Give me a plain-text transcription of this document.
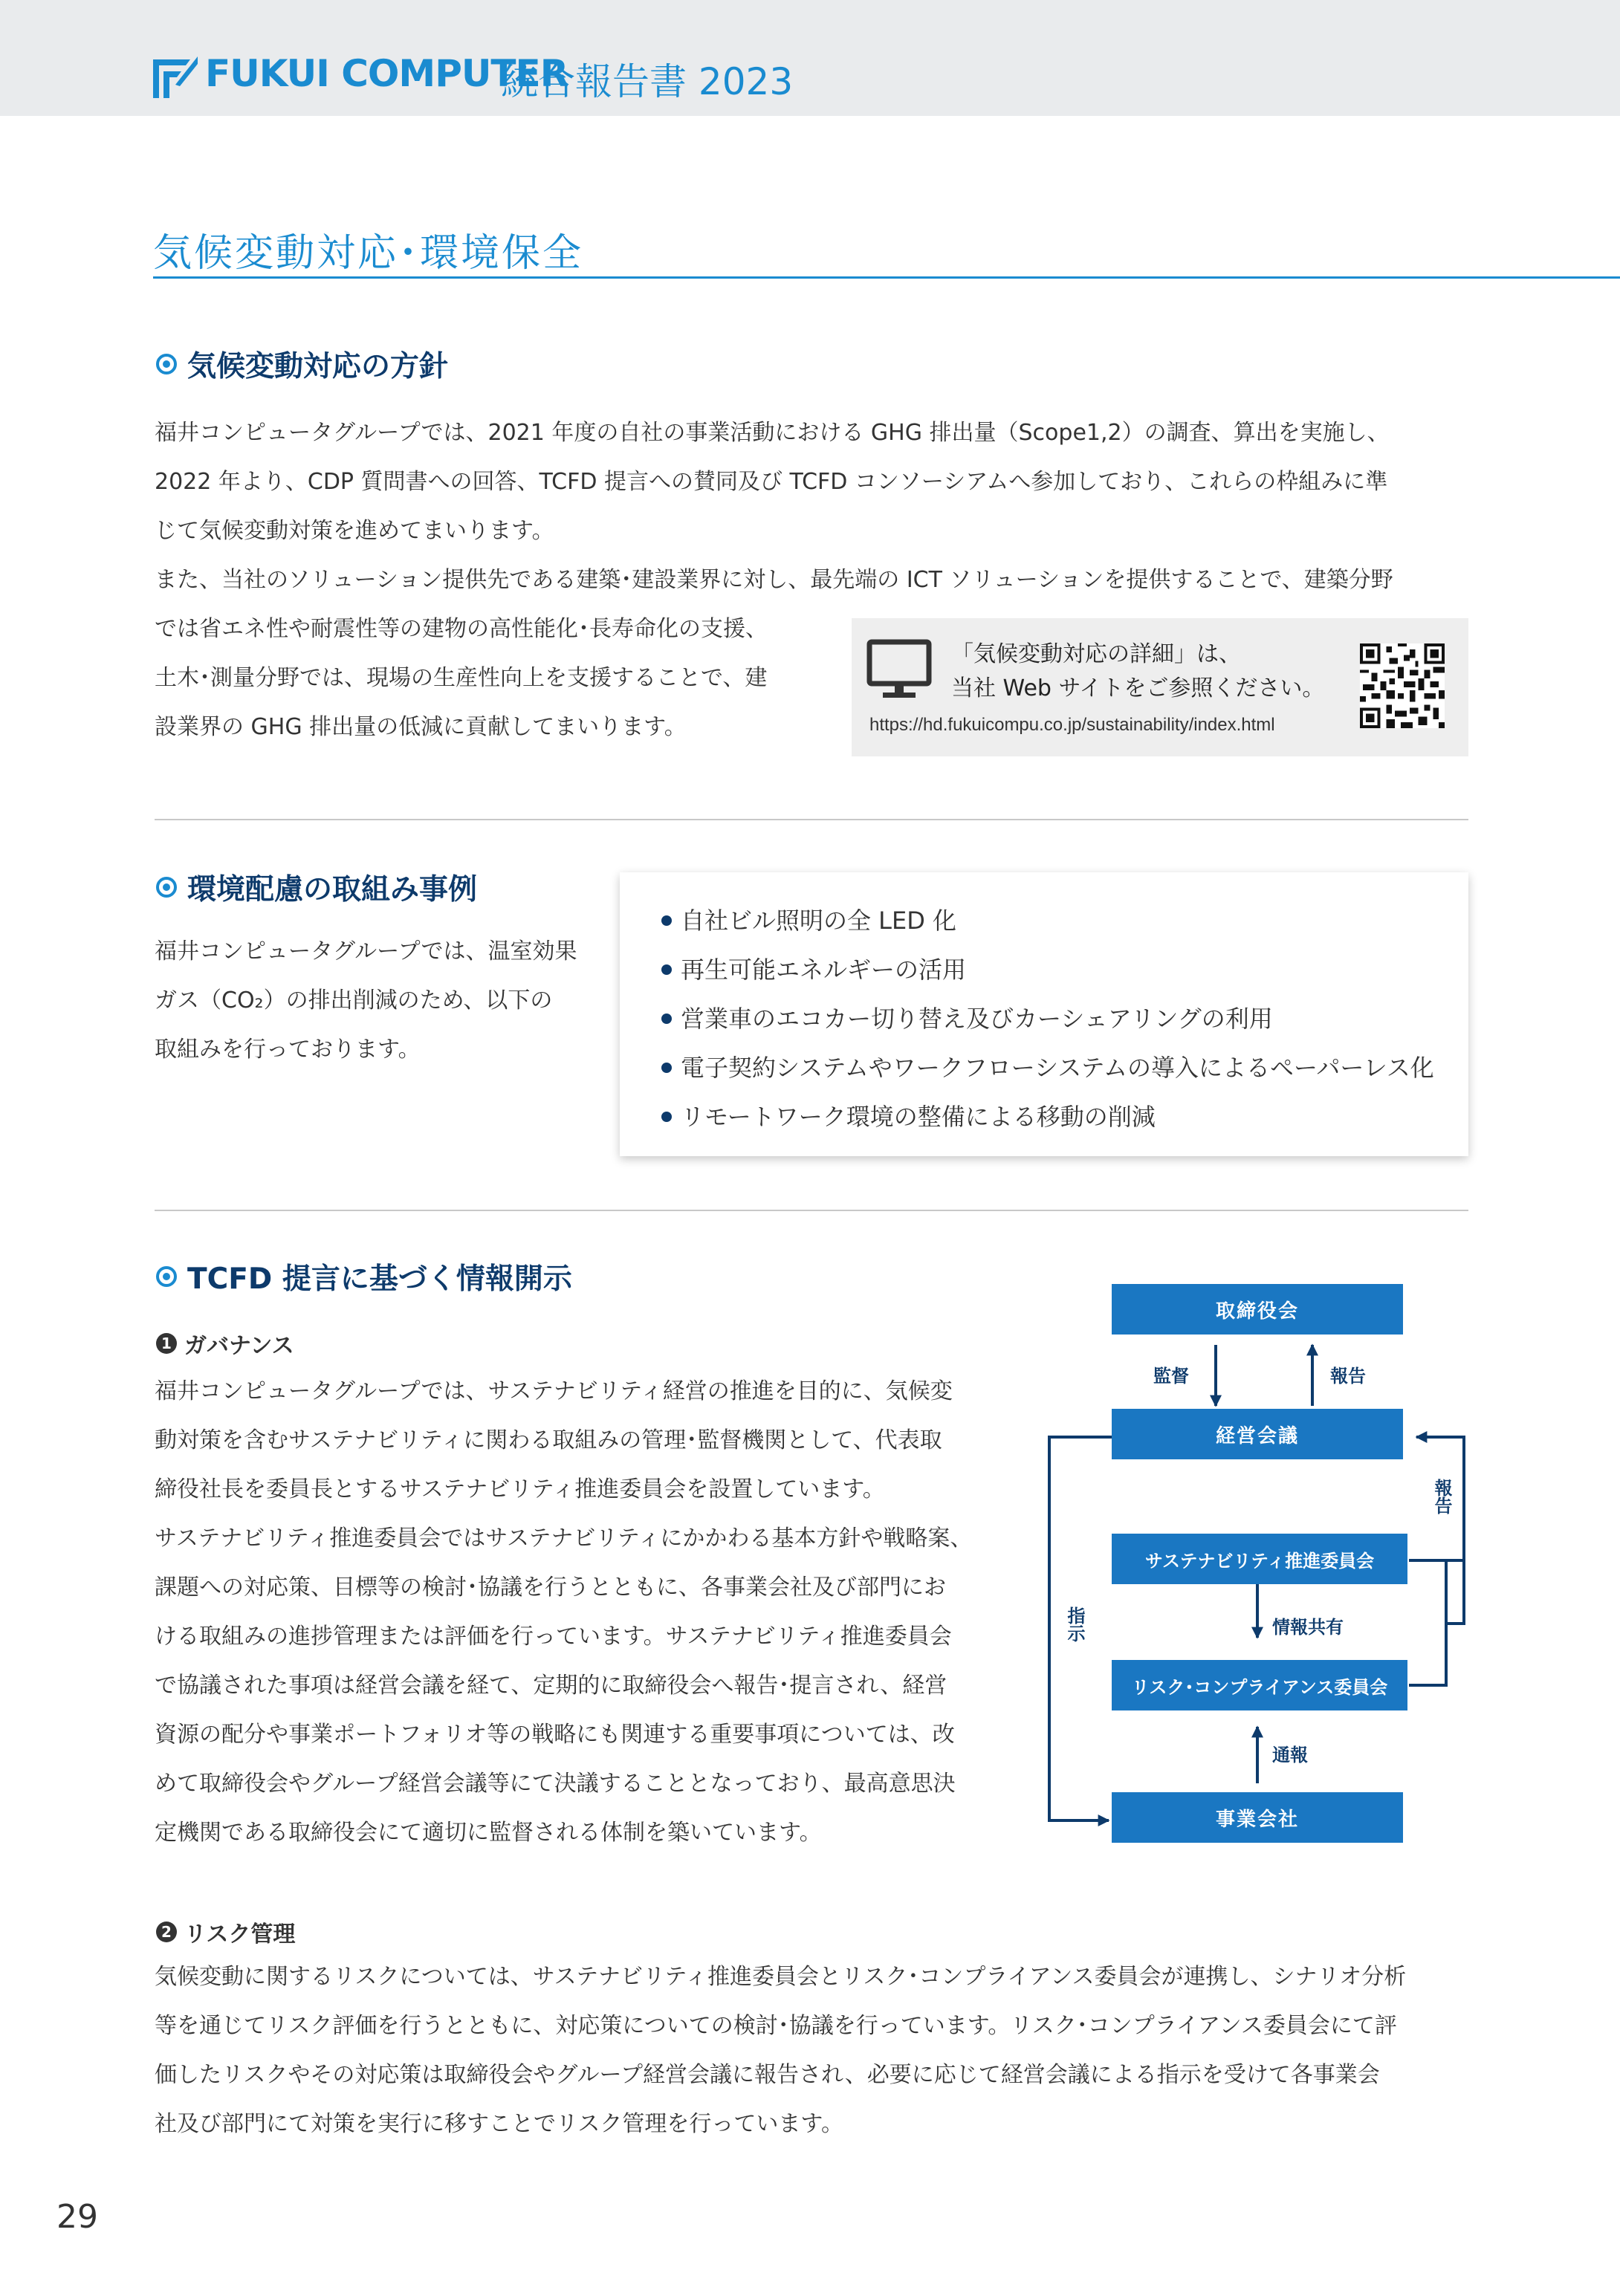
FUKUI COMPUTER
統合報告書 2023
気候変動対応･環境保全
気候変動対応の方針

福井コンピュータグループでは、2021 年度の自社の事業活動における GHG 排出量（Scope1,2）の調査、算出を実施し、

2022 年より、CDP 質問書への回答、TCFD 提言への賛同及び TCFD コンソーシアムへ参加しており、これらの枠組みに準

じて気候変動対策を進めてまいります。

また、当社のソリューション提供先である建築･建設業界に対し、最先端の ICT ソリューションを提供することで、建築分野

では省エネ性や耐震性等の建物の高性能化･長寿命化の支援、

土木･測量分野では、現場の生産性向上を支援することで、建

設業界の GHG 排出量の低減に貢献してまいります。

「気候変動対応の詳細」は、
当社 Web サイトをご参照ください。
https://hd.fukuicompu.co.jp/sustainability/index.html
環境配慮の取組み事例

福井コンピュータグループでは、温室効果

ガス（CO₂）の排出削減のため、以下の

取組みを行っております。

自社ビル照明の全 LED 化
再生可能エネルギーの活用
営業車のエコカー切り替え及びカーシェアリングの利用
電子契約システムやワークフローシステムの導入によるペーパーレス化
リモートワーク環境の整備による移動の削減
TCFD 提言に基づく情報開示
1 ガバナンス

福井コンピュータグループでは、サステナビリティ経営の推進を目的に、気候変

動対策を含むサステナビリティに関わる取組みの管理･監督機関として、代表取

締役社長を委員長とするサステナビリティ推進委員会を設置しています。

サステナビリティ推進委員会ではサステナビリティにかかわる基本方針や戦略案、

課題への対応策、目標等の検討･協議を行うとともに、各事業会社及び部門にお

ける取組みの進捗管理または評価を行っています。サステナビリティ推進委員会

で協議された事項は経営会議を経て、定期的に取締役会へ報告･提言され、経営

資源の配分や事業ポートフォリオ等の戦略にも関連する重要事項については、改

めて取締役会やグループ経営会議等にて決議することとなっており、最高意思決

定機関である取締役会にて適切に監督される体制を築いています。

取締役会
監督	報告
経営会議
報告
指示
サステナビリティ推進委員会
情報共有
リスク･コンプライアンス委員会
通報
事業会社
2 リスク管理

気候変動に関するリスクについては、サステナビリティ推進委員会とリスク･コンプライアンス委員会が連携し、シナリオ分析

等を通じてリスク評価を行うとともに、対応策についての検討･協議を行っています。リスク･コンプライアンス委員会にて評

価したリスクやその対応策は取締役会やグループ経営会議に報告され、必要に応じて経営会議による指示を受けて各事業会

社及び部門にて対策を実行に移すことでリスク管理を行っています。

29
